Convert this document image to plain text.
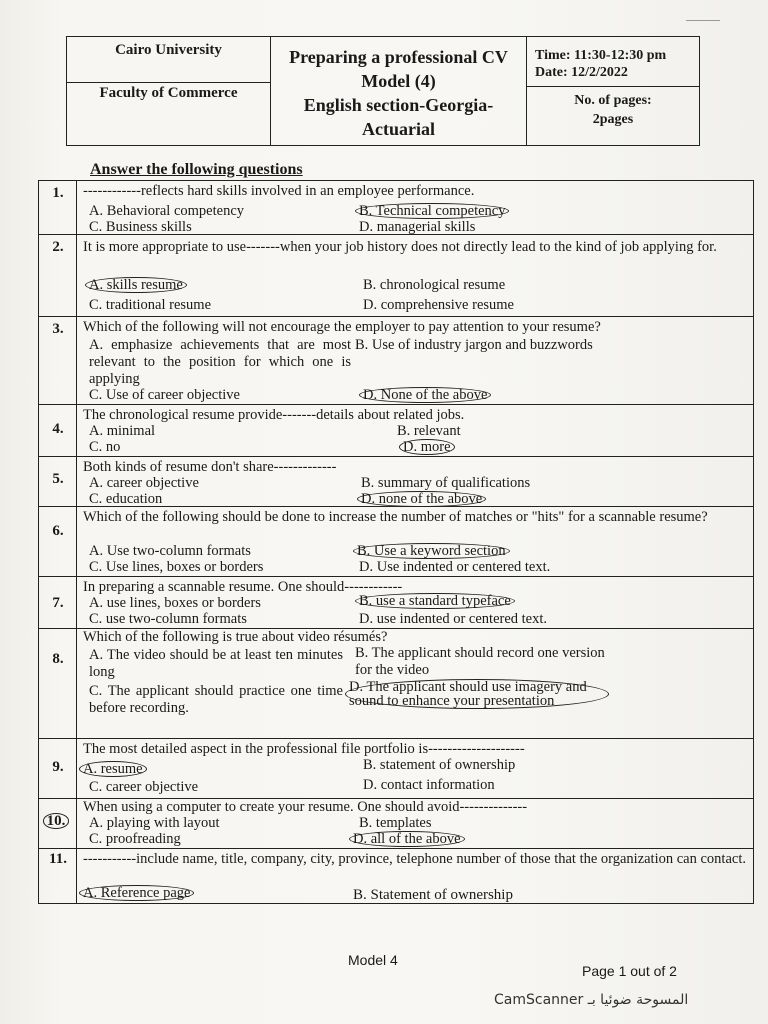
Cairo University
Faculty of Commerce
Preparing a professional CV
Model (4)
English section-Georgia-
Actuarial
Time: 11:30-12:30 pm
Date: 12/2/2022
No. of pages:
2pages
Answer the following questions
1.	------------reflects hard skills involved in an employee performance.
A. Behavioral competency	B. Technical competency
C. Business skills	D. managerial skills
2.	It is more appropriate to use-------when your job history does not directly lead to the kind of job applying for.
A. skills resume	B. chronological resume
C. traditional resume	D. comprehensive resume
3.	Which of the following will not encourage the employer to pay attention to your resume?
A. emphasize achievements that are most relevant to the position for which one is applying
B. Use of industry jargon and buzzwords
C. Use of career objective	D. None of the above
4.
The chronological resume provide-------details about related jobs.
A. minimal	B. relevant
C. no	D. more
5.
Both kinds of resume don't share-------------
A. career objective	B. summary of qualifications
C. education	D. none of the above
6.
Which of the following should be done to increase the number of matches or "hits" for a scannable resume?
A. Use two-column formats	B. Use a keyword section
C. Use lines, boxes or borders	D. Use indented or centered text.
7.
In preparing a scannable resume. One should------------
A. use lines, boxes or borders	B. use a standard typeface
C. use two-column formats	D. use indented or centered text.
8.
Which of the following is true about video résumés?
A. The video should be at least ten minutes long
B. The applicant should record one version for the video
C. The applicant should practice one time before recording.
D. The applicant should use imagery and sound to enhance your presentation
9.
The most detailed aspect in the professional file portfolio is--------------------
A. resume	B. statement of ownership
C. career objective	D. contact information
10.
When using a computer to create your resume. One should avoid--------------
A. playing with layout	B. templates
C. proofreading	D. all of the above
11.	-----------include name, title, company, city, province, telephone number of those that the organization can contact.
A. Reference page	B. Statement of ownership
Model 4
Page 1 out of 2
CamScanner المسوحة ضوئيا بـ
